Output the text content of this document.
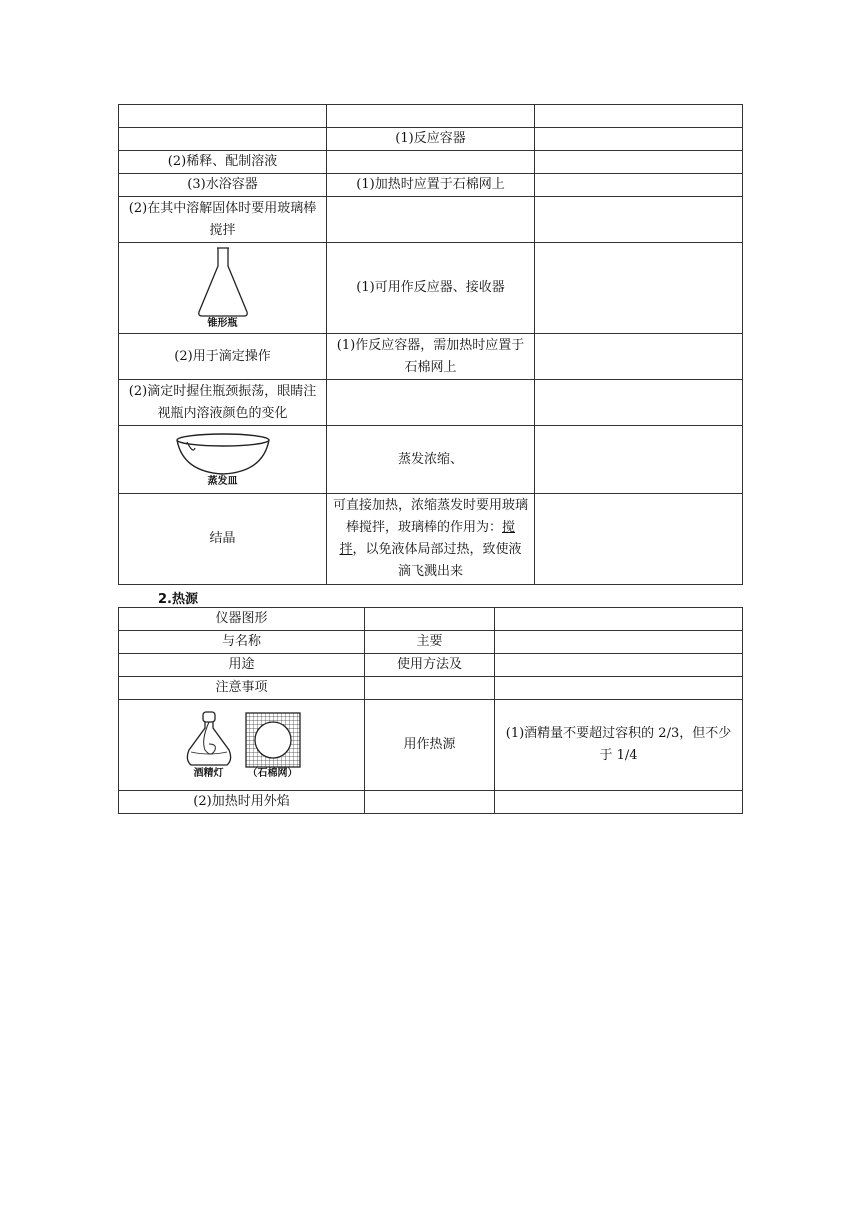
	(1)反应容器	
(2)稀释、配制溶液		
(3)水浴容器	(1)加热时应置于石棉网上	
(2)在其中溶解固体时要用玻璃棒搅拌		

锥形瓶	(1)可用作反应器、接收器	
(2)用于滴定操作	(1)作反应容器，需加热时应置于石棉网上	
(2)滴定时握住瓶颈振荡，眼睛注视瓶内溶液颜色的变化		

蒸发皿	蒸发浓缩、	
结晶	可直接加热，浓缩蒸发时要用玻璃棒搅拌，玻璃棒的作用为：搅拌，以免液体局部过热，致使液滴飞溅出来	
2.热源
仪器图形		
与名称	主要	
用途	使用方法及	
注意事项		

酒精灯 （石棉网）	用作热源	(1)酒精量不要超过容积的 2/3，但不少于 1/4
(2)加热时用外焰		
